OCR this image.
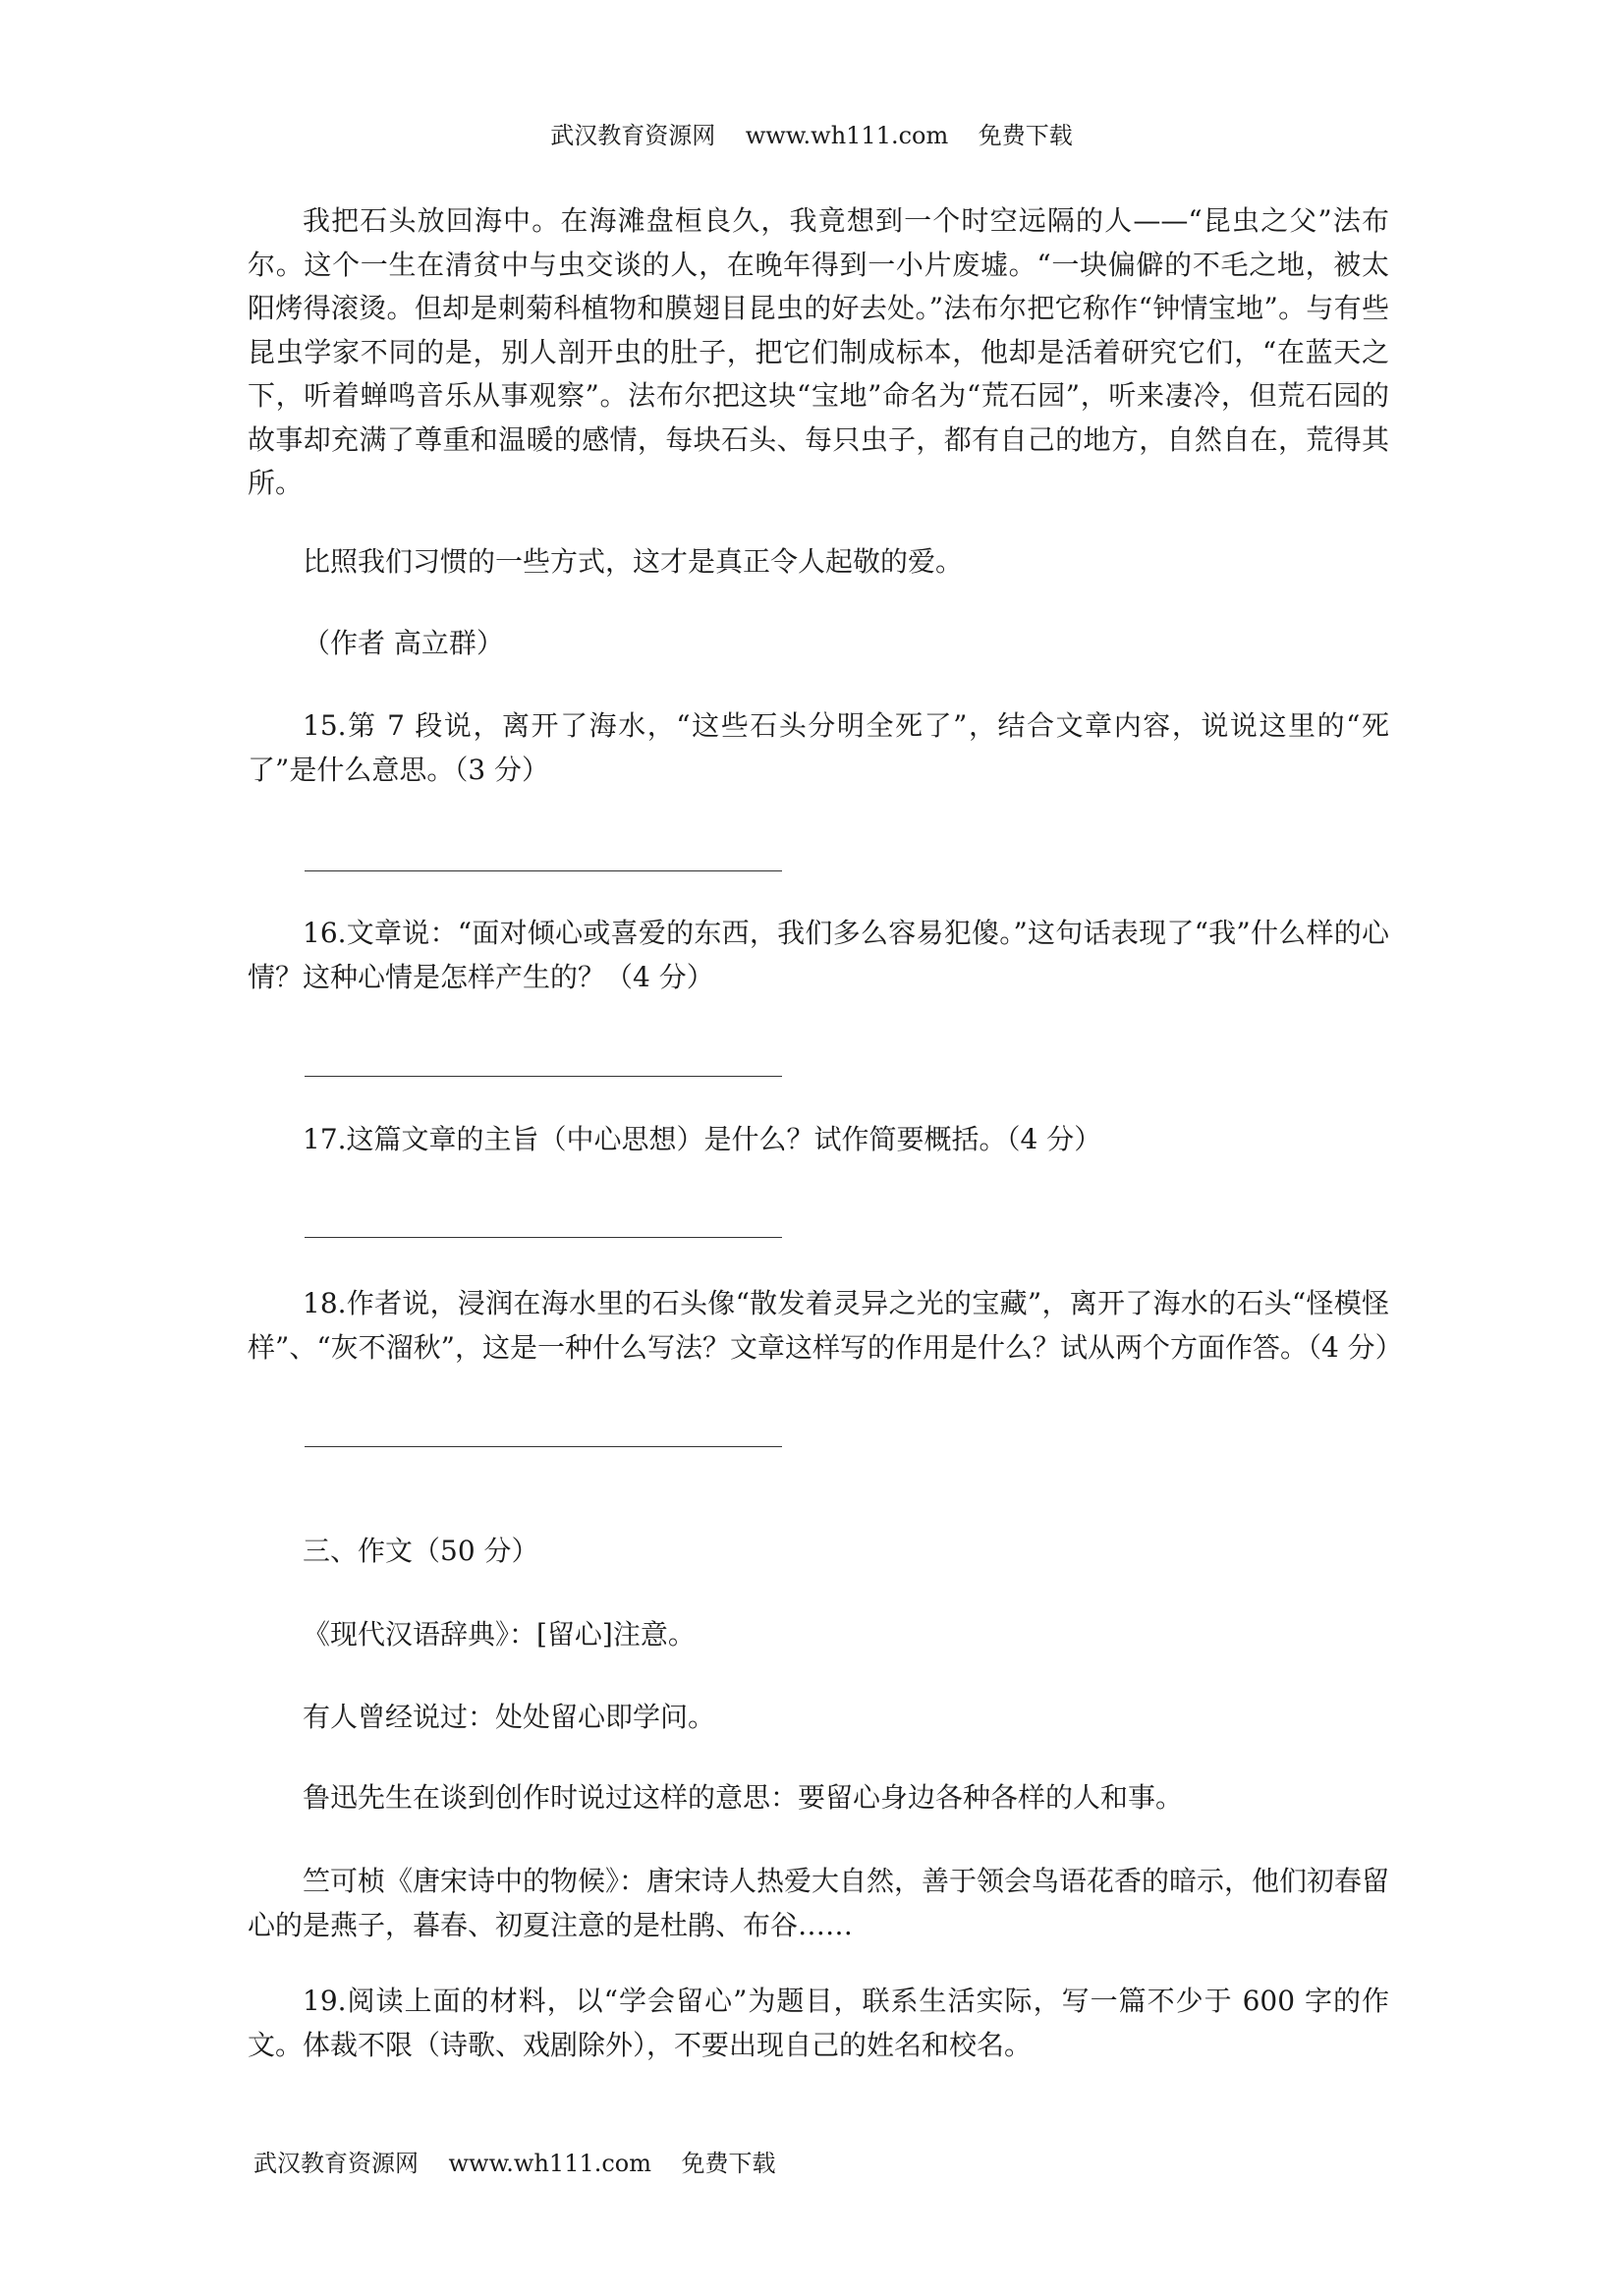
武汉教育资源网    www.wh111.com    免费下载

我把石头放回海中。在海滩盘桓良久，我竟想到一个时空远隔的人——“昆虫之父”法布尔。这个一生在清贫中与虫交谈的人，在晚年得到一小片废墟。“一块偏僻的不毛之地，被太阳烤得滚烫。但却是刺菊科植物和膜翅目昆虫的好去处。”法布尔把它称作“钟情宝地”。与有些昆虫学家不同的是，别人剖开虫的肚子，把它们制成标本，他却是活着研究它们，“在蓝天之下，听着蝉鸣音乐从事观察”。法布尔把这块“宝地”命名为“荒石园”，听来凄冷，但荒石园的故事却充满了尊重和温暖的感情，每块石头、每只虫子，都有自己的地方，自然自在，荒得其所。

比照我们习惯的一些方式，这才是真正令人起敬的爱。

（作者 高立群）

15.第 7 段说，离开了海水，“这些石头分明全死了”，结合文章内容，说说这里的“死了”是什么意思。（3 分）

16.文章说：“面对倾心或喜爱的东西，我们多么容易犯傻。”这句话表现了“我”什么样的心情？这种心情是怎样产生的？（4 分）

17.这篇文章的主旨（中心思想）是什么？试作简要概括。（4 分）

18.作者说，浸润在海水里的石头像“散发着灵异之光的宝藏”，离开了海水的石头“怪模怪样”、“灰不溜秋”，这是一种什么写法？文章这样写的作用是什么？试从两个方面作答。（4 分）

三、作文（50 分）

《现代汉语辞典》：[留心]注意。

有人曾经说过：处处留心即学问。

鲁迅先生在谈到创作时说过这样的意思：要留心身边各种各样的人和事。

竺可桢《唐宋诗中的物候》：唐宋诗人热爱大自然，善于领会鸟语花香的暗示，他们初春留心的是燕子，暮春、初夏注意的是杜鹃、布谷……

19.阅读上面的材料，以“学会留心”为题目，联系生活实际，写一篇不少于 600 字的作文。体裁不限（诗歌、戏剧除外），不要出现自己的姓名和校名。

武汉教育资源网    www.wh111.com    免费下载
